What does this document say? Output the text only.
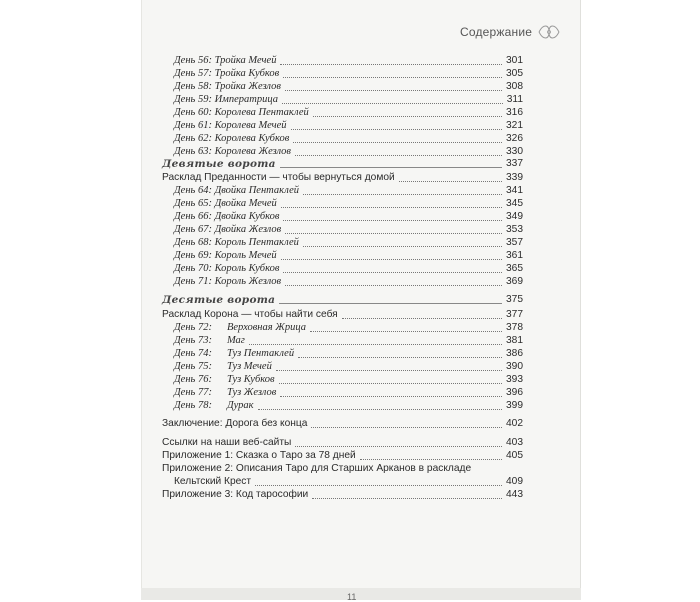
Содержание
День 56: Тройка Мечей	301
День 57: Тройка Кубков	305
День 58: Тройка Жезлов	308
День 59: Императрица	311
День 60: Королева Пентаклей	316
День 61: Королева Мечей	321
День 62: Королева Кубков	326
День 63: Королева Жезлов	330
Девятые ворота	337
Расклад Преданности — чтобы вернуться домой	339
День 64: Двойка Пентаклей	341
День 65: Двойка Мечей	345
День 66: Двойка Кубков	349
День 67: Двойка Жезлов	353
День 68: Король Пентаклей	357
День 69: Король Мечей	361
День 70: Король Кубков	365
День 71: Король Жезлов	369
Десятые ворота	375
Расклад Корона — чтобы найти себя	377
День 72:	Верховная Жрица	378
День 73:	Маг	381
День 74:	Туз Пентаклей	386
День 75:	Туз Мечей	390
День 76:	Туз Кубков	393
День 77:	Туз Жезлов	396
День 78:	Дурак	399
Заключение: Дорога без конца	402
Ссылки на наши веб-сайты	403
Приложение 1: Сказка о Таро за 78 дней	405
Приложение 2: Описания Таро для Старших Арканов в раскладе
Кельтский Крест	409
Приложение 3: Код тарософии	443
11
